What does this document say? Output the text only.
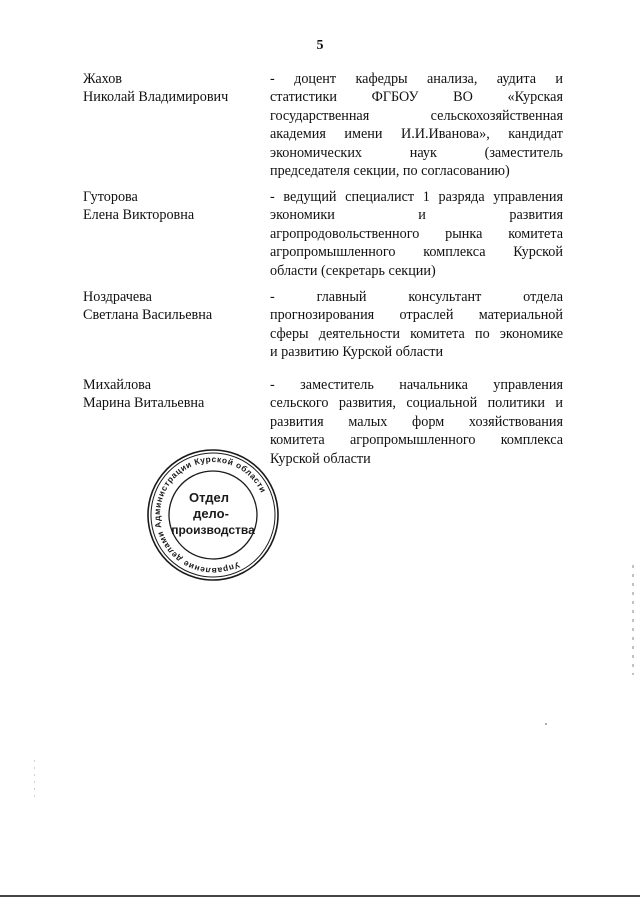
5
Жахов
Николай Владимирович
- доцент кафедры анализа, аудита и
статистики ФГБОУ ВО «Курская
государственная сельскохозяйственная
академия имени И.И.Иванова», кандидат
экономических наук (заместитель
председателя секции, по согласованию)
Гуторова
Елена Викторовна
- ведущий специалист 1 разряда управления
экономики и развития
агропродовольственного рынка комитета
агропромышленного комплекса Курской
области (секретарь секции)
Ноздрачева
Светлана Васильевна
- главный консультант отдела
прогнозирования отраслей материальной
сферы деятельности комитета по экономике
и развитию Курской области
Михайлова
Марина Витальевна
- заместитель начальника управления
сельского развития, социальной политики и
развития малых форм хозяйствования
комитета агропромышленного комплекса
Курской области
Управление делами Администрации Курской области
Отдел
дело-
производства
